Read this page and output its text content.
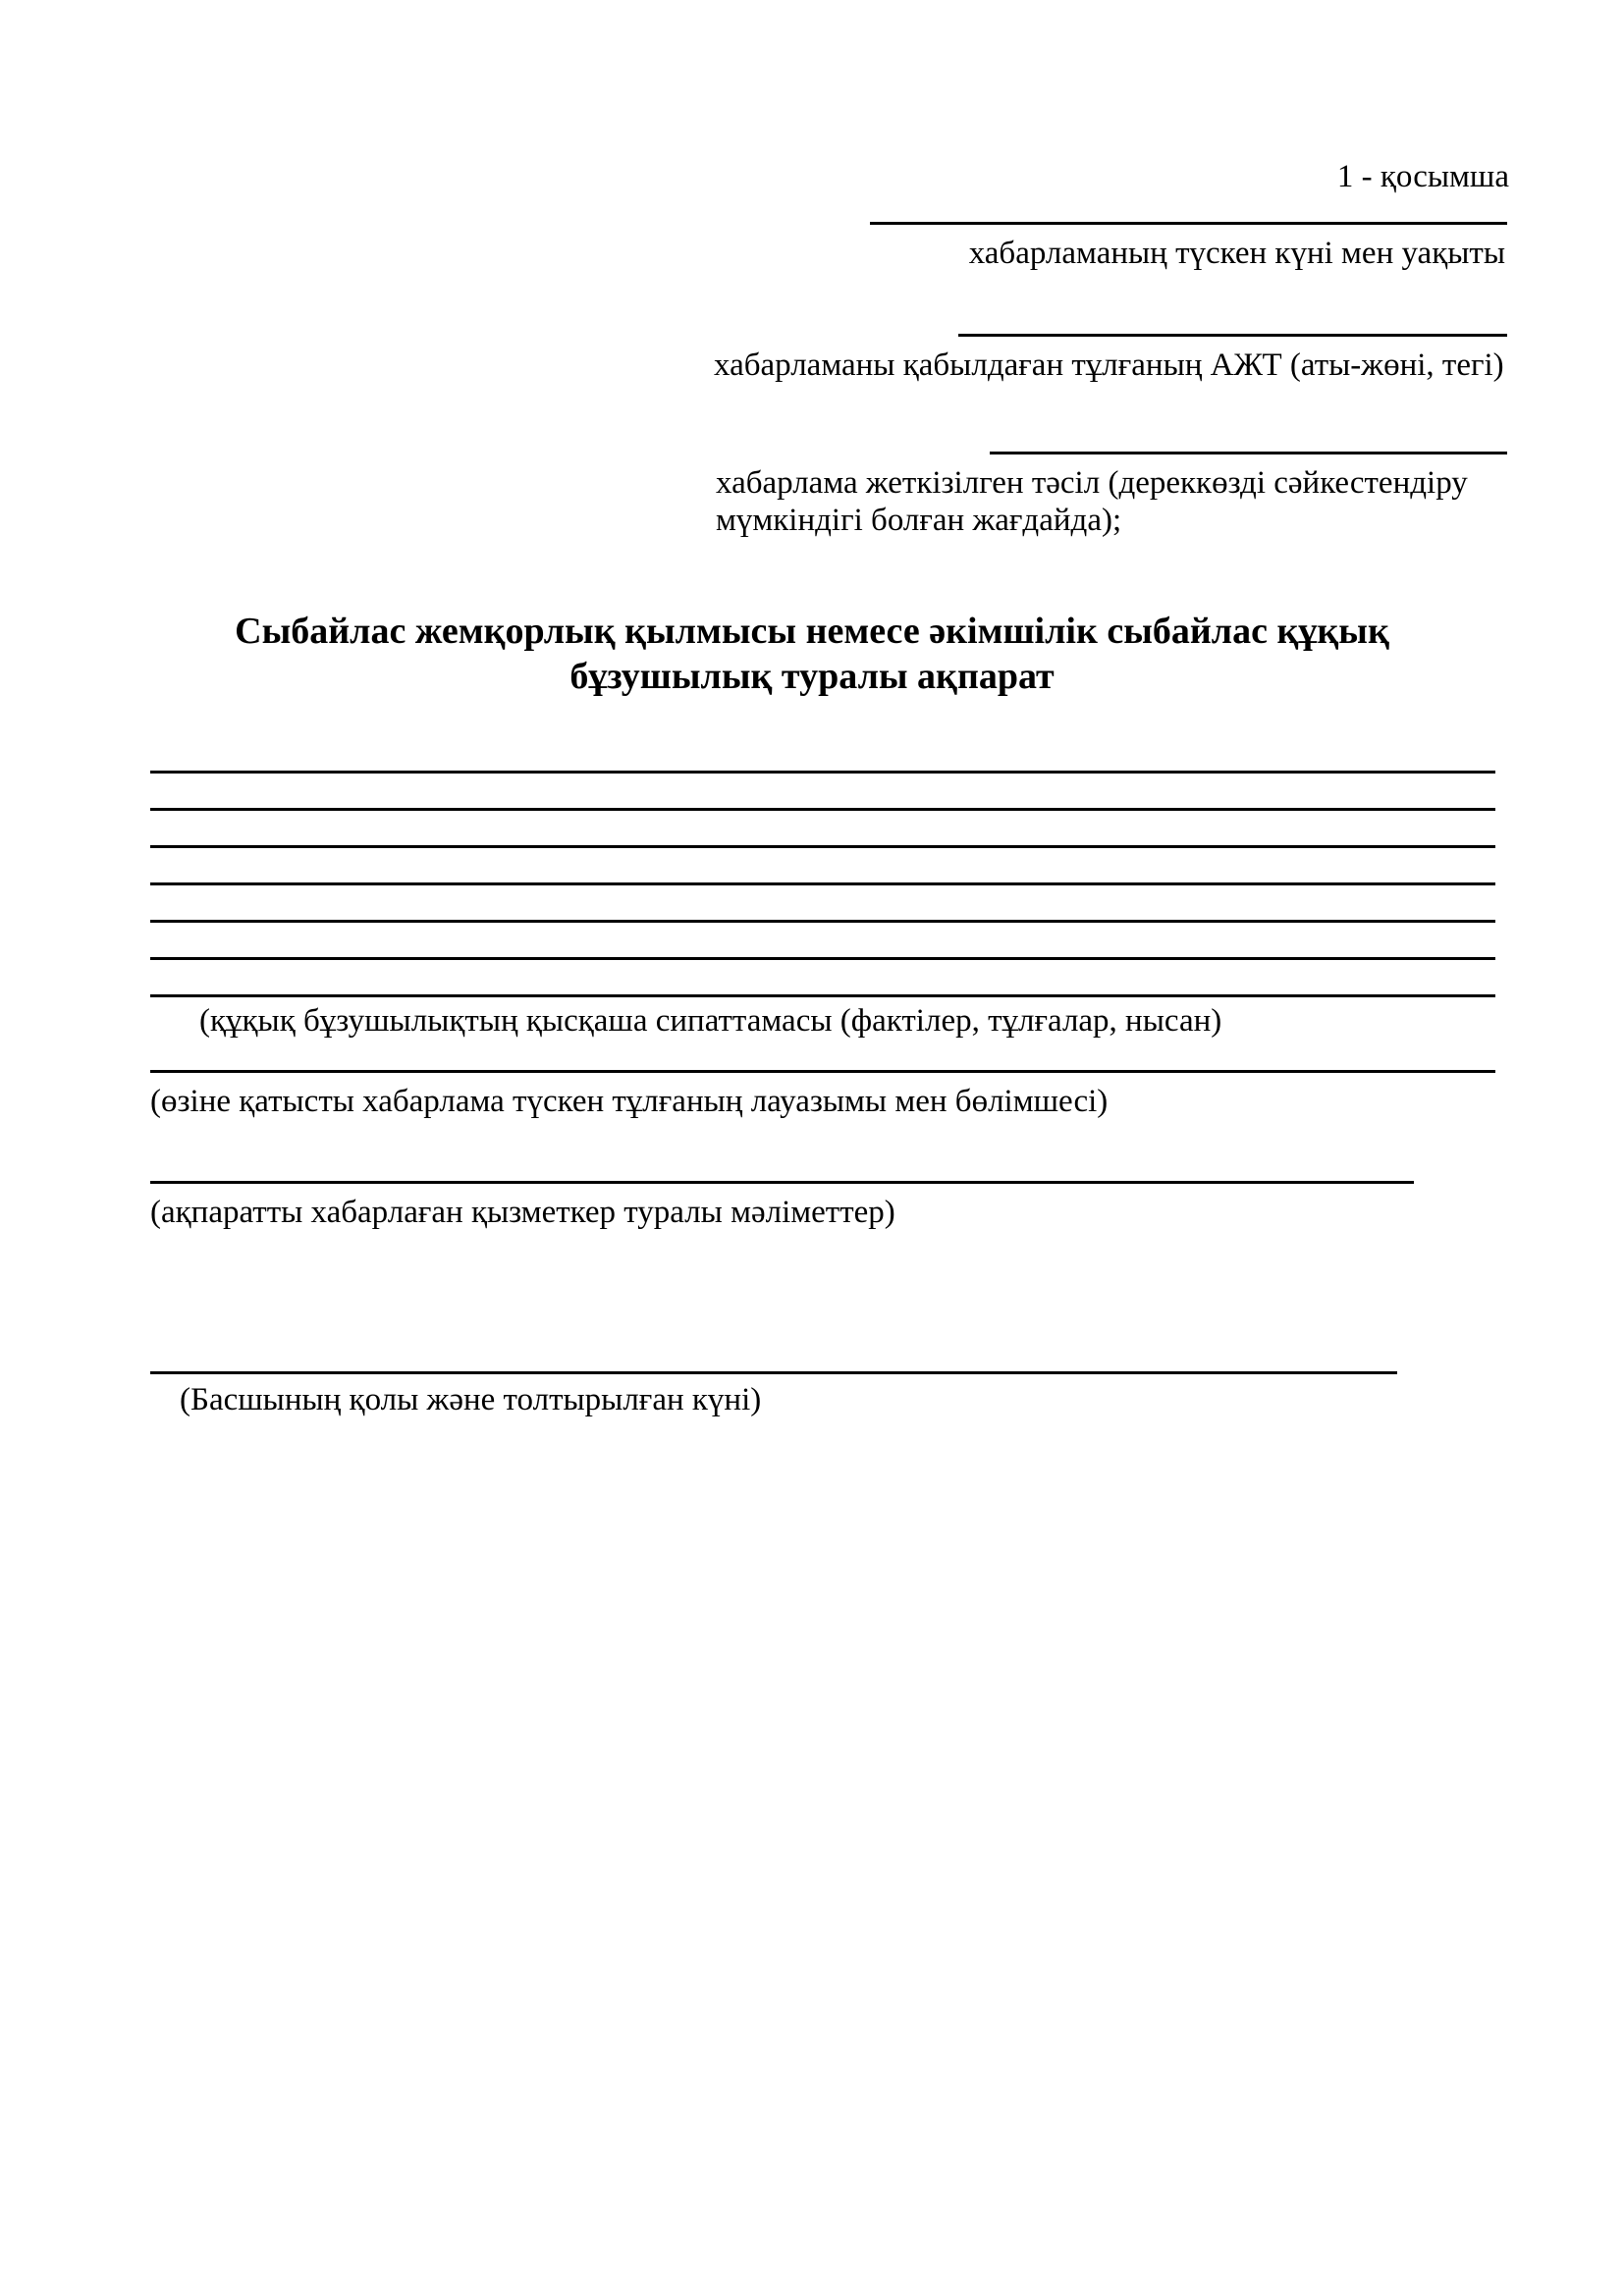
1 - қосымша
хабарламаның түскен күні мен уақыты
хабарламаны қабылдаған тұлғаның АЖТ (аты-жөні, тегі)
хабарлама жеткізілген тәсіл (дереккөзді сәйкестендіру
мүмкіндігі болған жағдайда);
Сыбайлас жемқорлық қылмысы немесе әкімшілік сыбайлас құқық
бұзушылық туралы ақпарат
(құқық бұзушылықтың қысқаша сипаттамасы (фактілер, тұлғалар, нысан)
(өзіне қатысты хабарлама түскен тұлғаның лауазымы мен бөлімшесі)
(ақпаратты хабарлаған қызметкер туралы мәліметтер)
(Басшының қолы және толтырылған күні)
